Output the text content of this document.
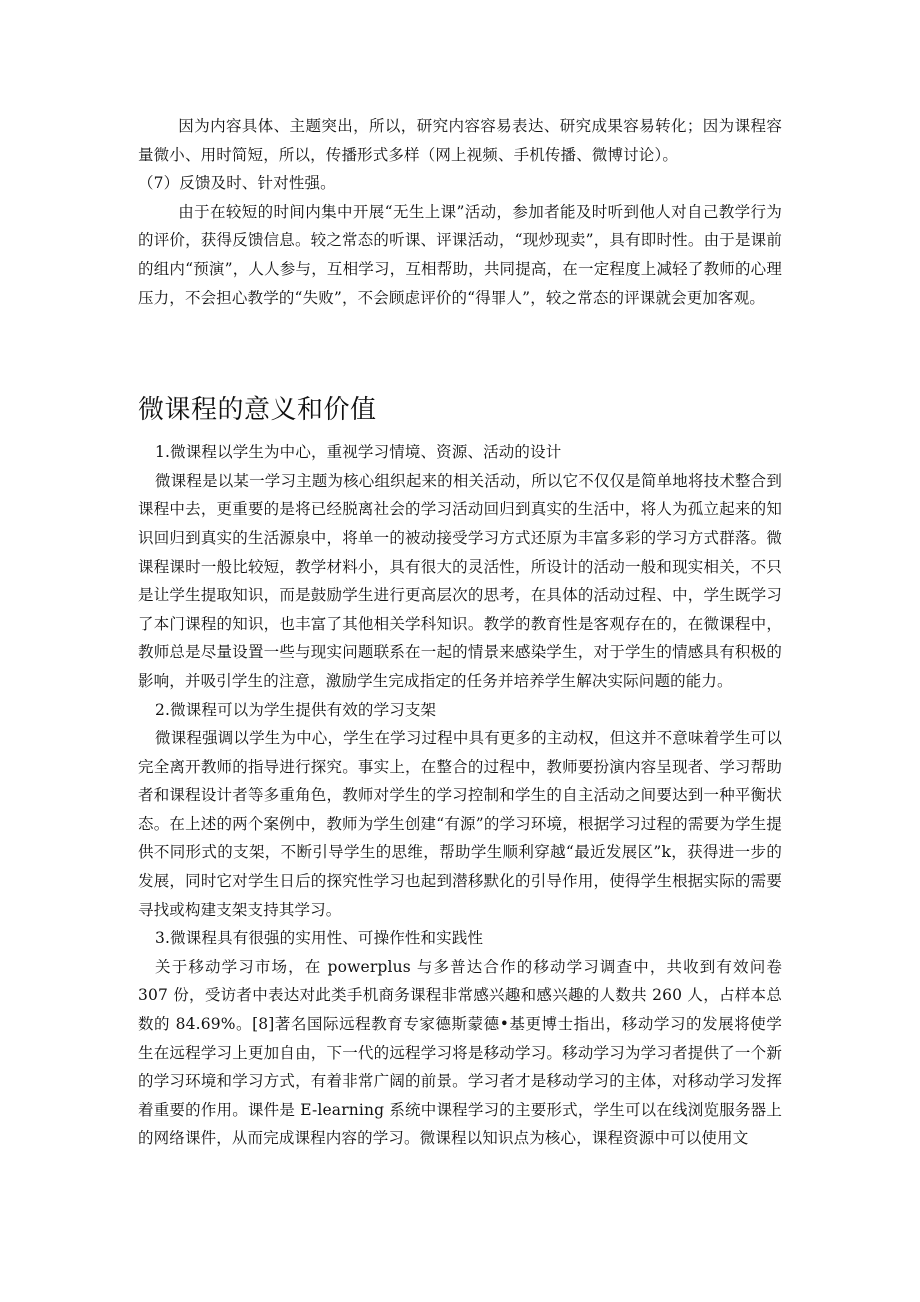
因为内容具体、主题突出，所以，研究内容容易表达、研究成果容易转化；因为课程容量微小、用时简短，所以，传播形式多样（网上视频、手机传播、微博讨论）。

（7）反馈及时、针对性强。

由于在较短的时间内集中开展“无生上课”活动，参加者能及时听到他人对自己教学行为的评价，获得反馈信息。较之常态的听课、评课活动，“现炒现卖”，具有即时性。由于是课前的组内“预演”，人人参与，互相学习，互相帮助，共同提高，在一定程度上减轻了教师的心理压力，不会担心教学的“失败”，不会顾虑评价的“得罪人”，较之常态的评课就会更加客观。

微课程的意义和价值

1.微课程以学生为中心，重视学习情境、资源、活动的设计

微课程是以某一学习主题为核心组织起来的相关活动，所以它不仅仅是简单地将技术整合到课程中去，更重要的是将已经脱离社会的学习活动回归到真实的生活中，将人为孤立起来的知识回归到真实的生活源泉中，将单一的被动接受学习方式还原为丰富多彩的学习方式群落。微课程课时一般比较短，教学材料小，具有很大的灵活性，所设计的活动一般和现实相关，不只是让学生提取知识，而是鼓励学生进行更高层次的思考，在具体的活动过程、中，学生既学习了本门课程的知识，也丰富了其他相关学科知识。教学的教育性是客观存在的，在微课程中，教师总是尽量设置一些与现实问题联系在一起的情景来感染学生，对于学生的情感具有积极的影响，并吸引学生的注意，激励学生完成指定的任务并培养学生解决实际问题的能力。

2.微课程可以为学生提供有效的学习支架

微课程强调以学生为中心，学生在学习过程中具有更多的主动权，但这并不意味着学生可以完全离开教师的指导进行探究。事实上，在整合的过程中，教师要扮演内容呈现者、学习帮助者和课程设计者等多重角色，教师对学生的学习控制和学生的自主活动之间要达到一种平衡状态。在上述的两个案例中，教师为学生创建“有源”的学习环境，根据学习过程的需要为学生提供不同形式的支架，不断引导学生的思维，帮助学生顺利穿越“最近发展区”k，获得进一步的发展，同时它对学生日后的探究性学习也起到潜移默化的引导作用，使得学生根据实际的需要寻找或构建支架支持其学习。

3.微课程具有很强的实用性、可操作性和实践性

关于移动学习市场，在 powerplus 与多普达合作的移动学习调查中，共收到有效问卷 307 份，受访者中表达对此类手机商务课程非常感兴趣和感兴趣的人数共 260 人，占样本总数的 84.69%。[8]著名国际远程教育专家德斯蒙德•基更博士指出，移动学习的发展将使学生在远程学习上更加自由，下一代的远程学习将是移动学习。移动学习为学习者提供了一个新的学习环境和学习方式，有着非常广阔的前景。学习者才是移动学习的主体，对移动学习发挥着重要的作用。课件是 E-learning 系统中课程学习的主要形式，学生可以在线浏览服务器上的网络课件，从而完成课程内容的学习。微课程以知识点为核心，课程资源中可以使用文
